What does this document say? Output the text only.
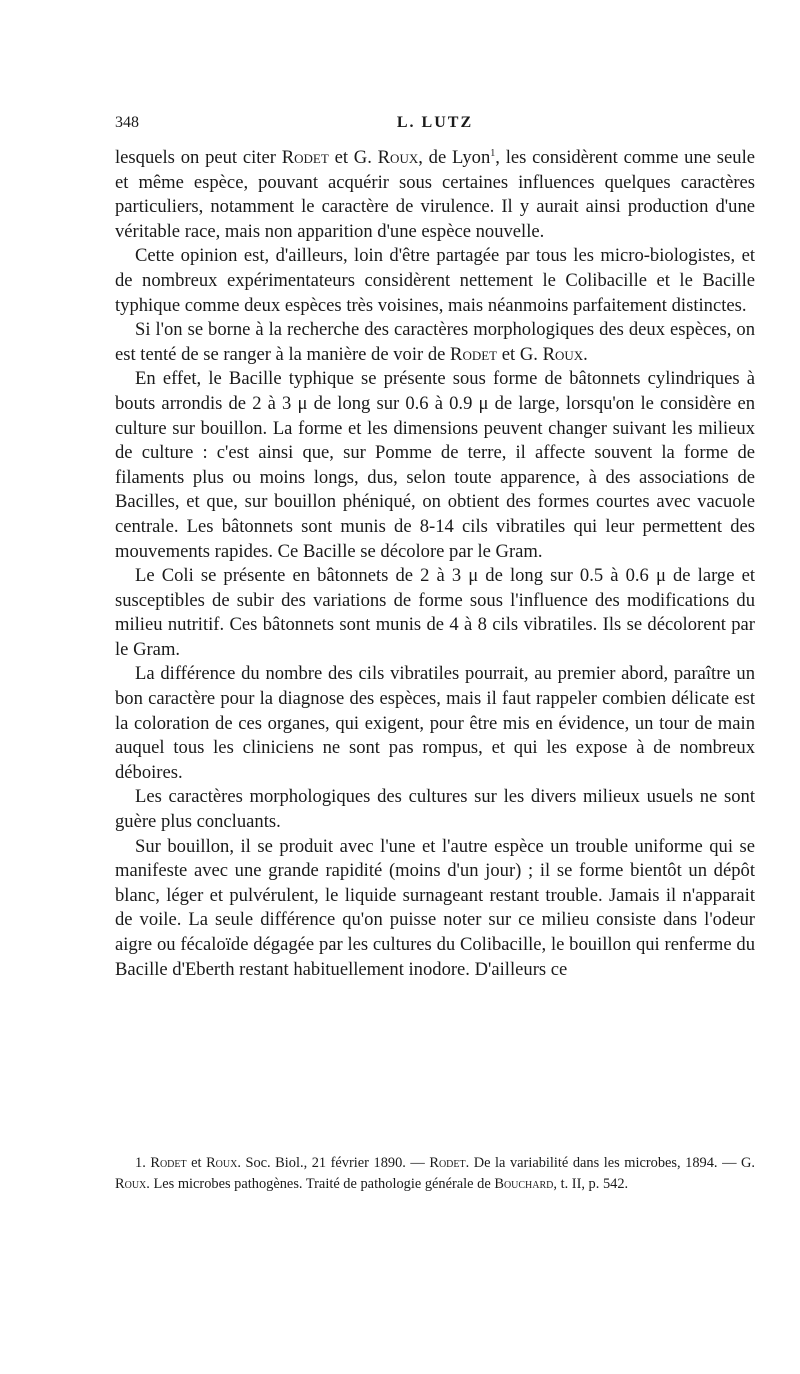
348	L. LUTZ

lesquels on peut citer Rodet et G. Roux, de Lyon$^1$, les considèrent comme une seule et même espèce, pouvant acquérir sous certaines influences quelques caractères particuliers, notamment le caractère de virulence. Il y aurait ainsi production d'une véritable race, mais non apparition d'une espèce nouvelle.

Cette opinion est, d'ailleurs, loin d'être partagée par tous les micro-biologistes, et de nombreux expérimentateurs considèrent nettement le Colibacille et le Bacille typhique comme deux espèces très voisines, mais néanmoins parfaitement distinctes.

Si l'on se borne à la recherche des caractères morphologiques des deux espèces, on est tenté de se ranger à la manière de voir de Rodet et G. Roux.

En effet, le Bacille typhique se présente sous forme de bâtonnets cylindriques à bouts arrondis de 2 à 3 μ de long sur 0.6 à 0.9 μ de large, lorsqu'on le considère en culture sur bouillon. La forme et les dimensions peuvent changer suivant les milieux de culture : c'est ainsi que, sur Pomme de terre, il affecte souvent la forme de filaments plus ou moins longs, dus, selon toute apparence, à des associations de Bacilles, et que, sur bouillon phéniqué, on obtient des formes courtes avec vacuole centrale. Les bâtonnets sont munis de 8-14 cils vibratiles qui leur permettent des mouvements rapides. Ce Bacille se décolore par le Gram.

Le Coli se présente en bâtonnets de 2 à 3 μ de long sur 0.5 à 0.6 μ de large et susceptibles de subir des variations de forme sous l'influence des modifications du milieu nutritif. Ces bâtonnets sont munis de 4 à 8 cils vibratiles. Ils se décolorent par le Gram.

La différence du nombre des cils vibratiles pourrait, au premier abord, paraître un bon caractère pour la diagnose des espèces, mais il faut rappeler combien délicate est la coloration de ces organes, qui exigent, pour être mis en évidence, un tour de main auquel tous les cliniciens ne sont pas rompus, et qui les expose à de nombreux déboires.

Les caractères morphologiques des cultures sur les divers milieux usuels ne sont guère plus concluants.

Sur bouillon, il se produit avec l'une et l'autre espèce un trouble uniforme qui se manifeste avec une grande rapidité (moins d'un jour) ; il se forme bientôt un dépôt blanc, léger et pulvérulent, le liquide surnageant restant trouble. Jamais il n'apparait de voile. La seule différence qu'on puisse noter sur ce milieu consiste dans l'odeur aigre ou fécaloïde dégagée par les cultures du Colibacille, le bouillon qui renferme du Bacille d'Eberth restant habituellement inodore. D'ailleurs ce

1. Rodet et Roux. Soc. Biol., 21 février 1890. — Rodet. De la variabilité dans les microbes, 1894. — G. Roux. Les microbes pathogènes. Traité de pathologie générale de Bouchard, t. II, p. 542.
